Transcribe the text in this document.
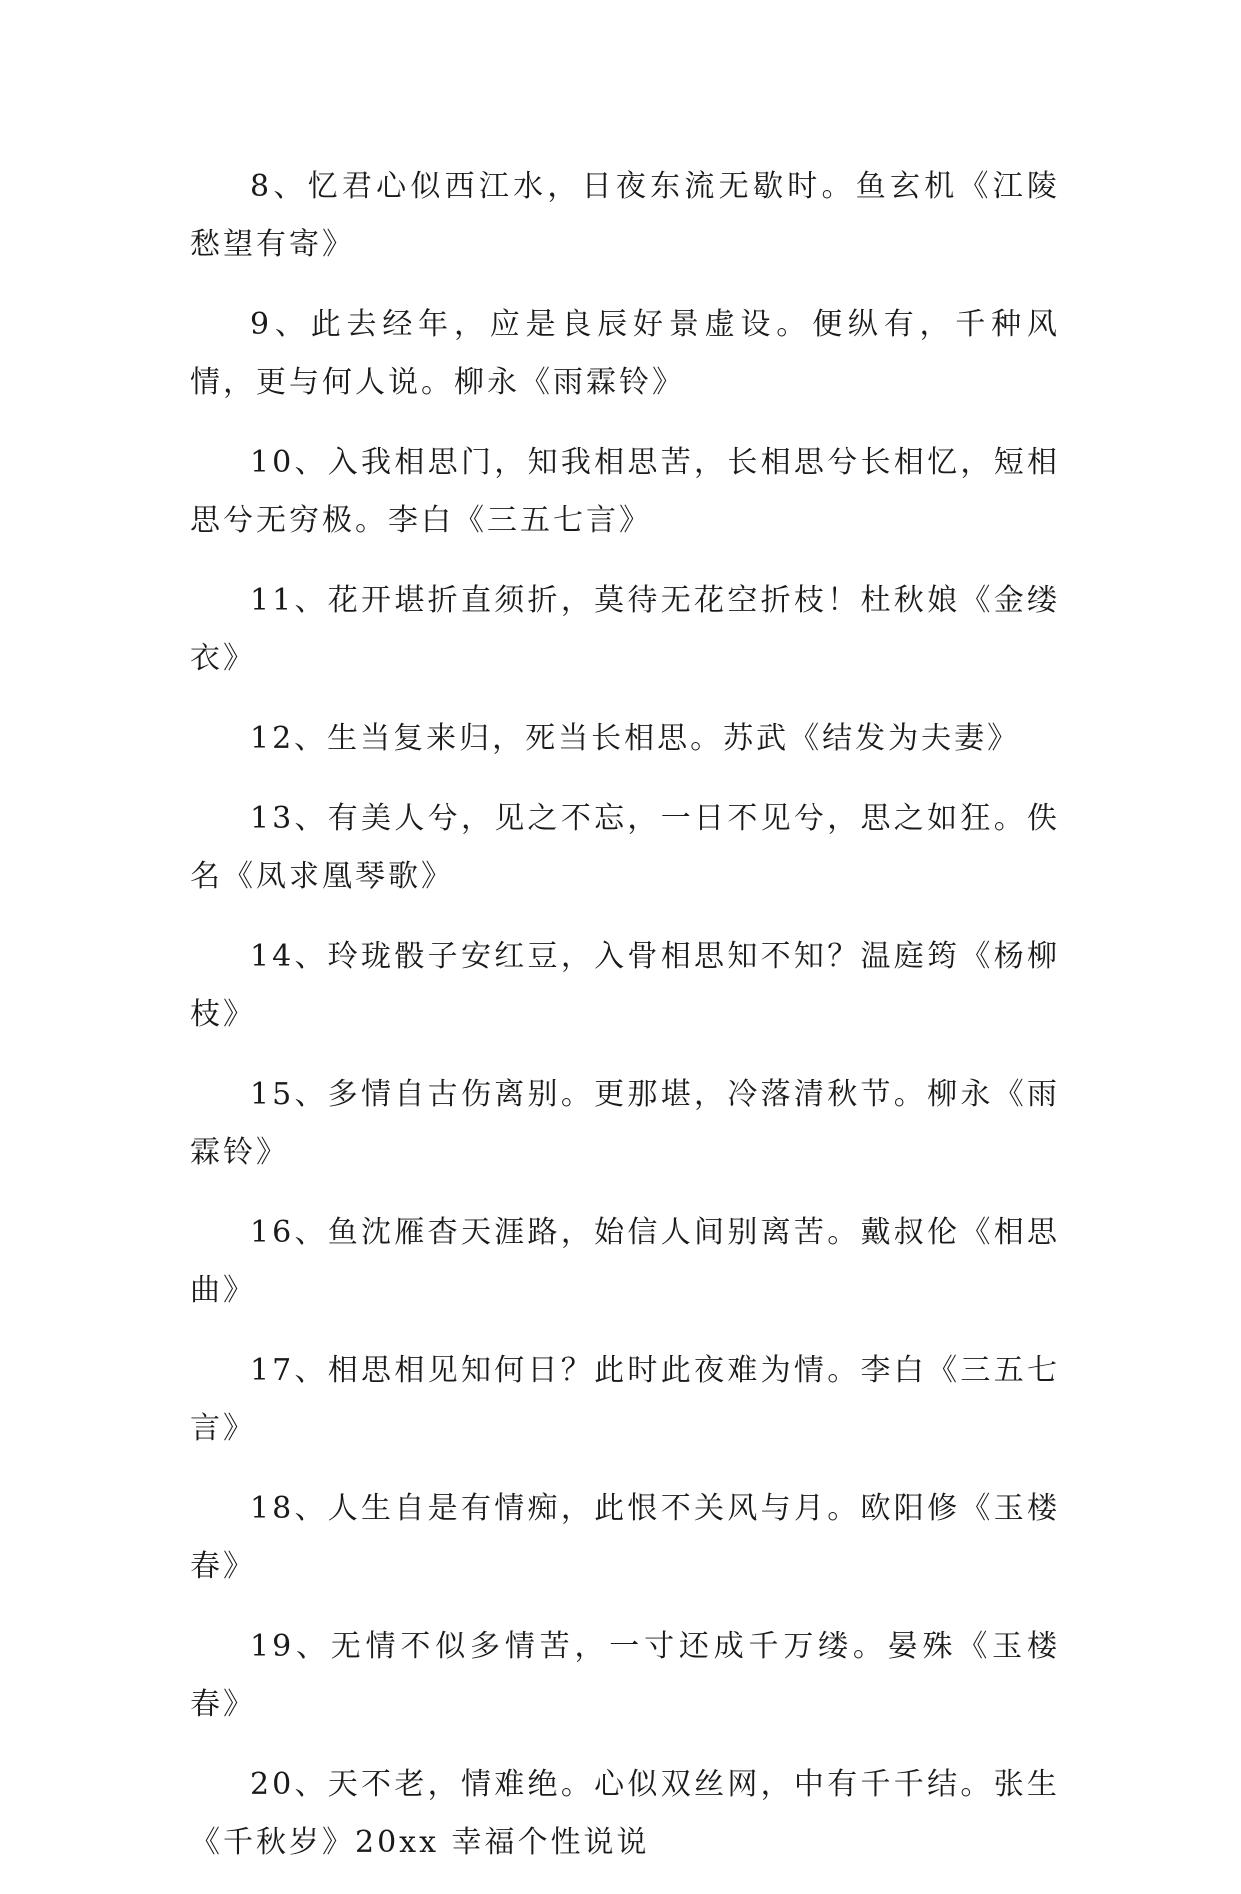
8、忆君心似西江水，日夜东流无歇时。鱼玄机《江陵愁望有寄》

9、此去经年，应是良辰好景虚设。便纵有，千种风情，更与何人说。柳永《雨霖铃》

10、入我相思门，知我相思苦，长相思兮长相忆，短相思兮无穷极。李白《三五七言》

11、花开堪折直须折，莫待无花空折枝！杜秋娘《金缕衣》

12、生当复来归，死当长相思。苏武《结发为夫妻》

13、有美人兮，见之不忘，一日不见兮，思之如狂。佚名《凤求凰琴歌》

14、玲珑骰子安红豆，入骨相思知不知？温庭筠《杨柳枝》

15、多情自古伤离别。更那堪，冷落清秋节。柳永《雨霖铃》

16、鱼沈雁杳天涯路，始信人间别离苦。戴叔伦《相思曲》

17、相思相见知何日？此时此夜难为情。李白《三五七言》

18、人生自是有情痴，此恨不关风与月。欧阳修《玉楼春》

19、无情不似多情苦，一寸还成千万缕。晏殊《玉楼春》

20、天不老，情难绝。心似双丝网，中有千千结。张生《千秋岁》20xx 幸福个性说说
